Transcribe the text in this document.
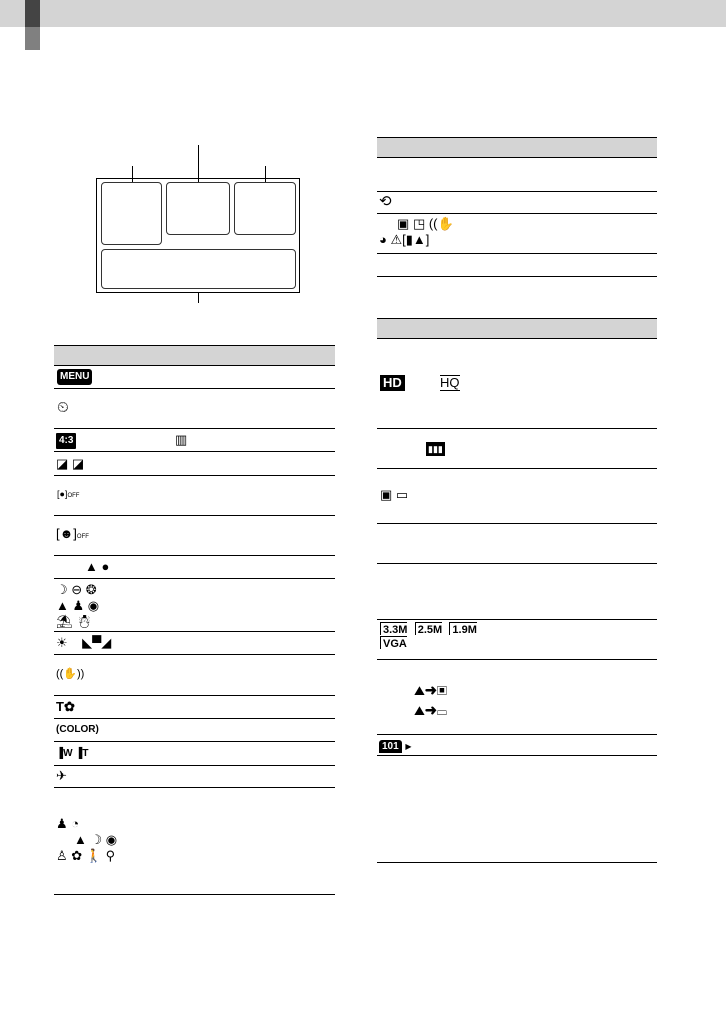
MENU
⏲
4:3	▥
◪ ◪
[●]OFF
[☻]OFF
▲ ●
☽ ⊖ ❂
▲ ♟ ◉
⛱ ☃
☀    ◣▀◢
((✋))
T✿
(COLOR)
▐W ▐T
✈
♟ ◔
▲ ☽ ◉
♙ ✿ 🚶 ⚲
⟲
▣ ◳ ((✋
◕ ⚠[▮▲]
HD	HQ
▮▮▮
▣ ▭
3.3M 2.5M 1.9M
VGA
⛰➜▣
⛰➜▭
101 ▶
